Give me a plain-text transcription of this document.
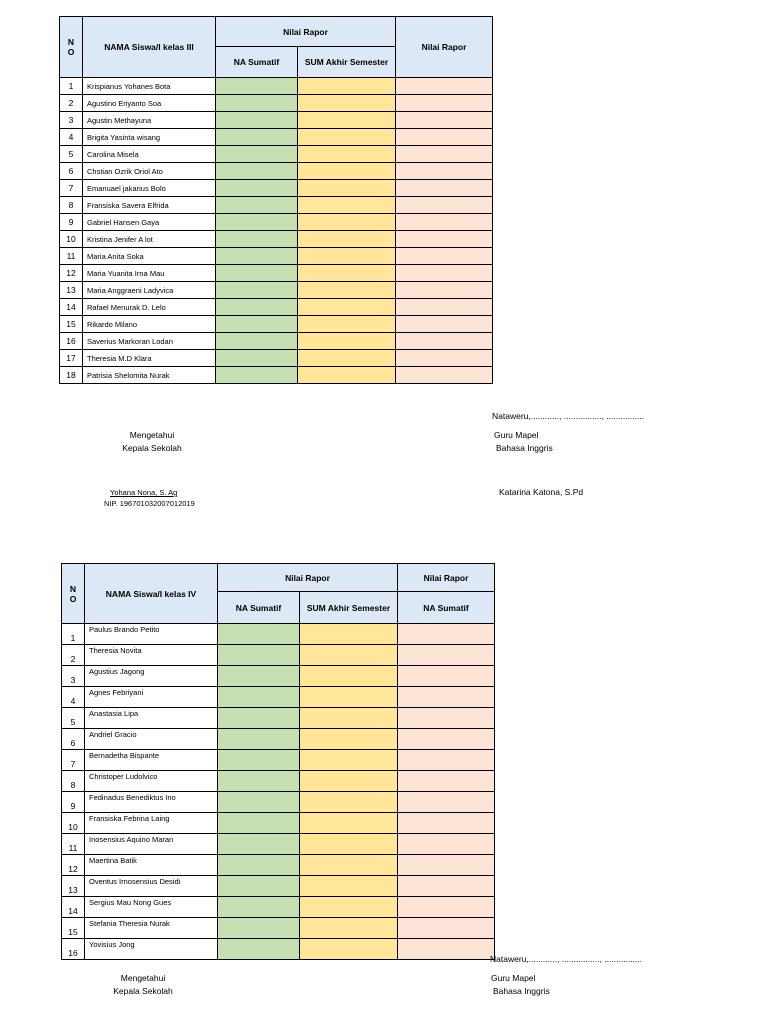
N O	NAMA Siswa/I kelas III	Nilai Rapor		Nilai Rapor
		NA Sumatif	SUM Akhir Semester	
1	Krispianus Yohanes Bota			
2	Agustino Eriyanto Soa			
3	Agustin Methayuna			
4	Brigita Yasinta wisang			
5	Carolina Misela			
6	Chstian Ozrik Oriol Ato			
7	Emanuael jakarius Bolo			
8	Fransiska Savera Elfrida			
9	Gabriel Hansen Gaya			
10	Kristina Jenifer A lot			
11	Maria Anita Soka			
12	Maria Yuanita Irna Mau			
13	Maria Anggraeni Ladyvica			
14	Rafael Menurak D. Lelo			
15	Rikardo Milano			
16	Saverius Markoran Lodan			
17	Theresia M.D Klara			
18	Patrisia Shelomita Nurak			
Nataweru,............, ................, ................
Mengetahui
Kepala Sekolah
Guru Mapel
Bahasa Inggris
Yohana Nona, S. Ag
NIP. 196701032007012019
Katarina Katona, S.Pd
N O	NAMA Siswa/I kelas IV	Nilai Rapor		Nilai Rapor
		NA Sumatif	SUM Akhir Semester	NA Sumatif
1	Paulus Brando Petito			
2	Theresia Novita			
3	Agustius Jagong			
4	Agnes Febriyani			
5	Anastasia Lipa			
6	Andriel Gracio			
7	Bernadetha Bispante			
8	Christoper Ludolvico			
9	Fedinadus Benediktus Ino			
10	Fransiska Febrina Laing			
11	Inosensius Aquino Maran			
12	Maertina Batik			
13	Oventus Irnosensius Desidi			
14	Sergius Mau Nong Gues			
15	Stefania Theresia Nurak			
16	Yovisius Jong			
Nataweru,............, ................, ................
Mengetahui
Kepala Sekolah
Guru Mapel
Bahasa Inggris
